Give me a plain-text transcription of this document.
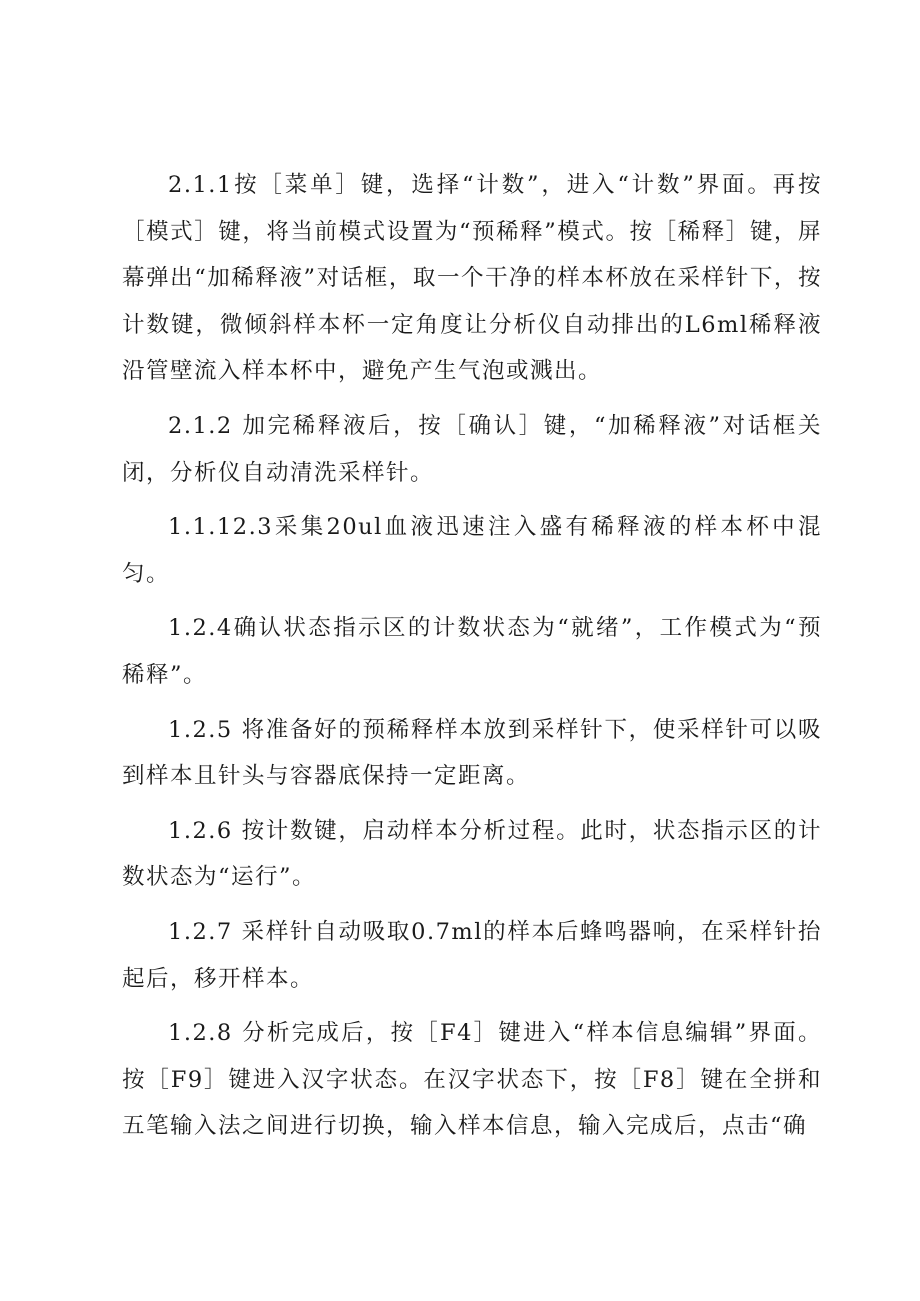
2.1.1按［菜单］键，选择“计数”，进入“计数”界面。再按［模式］键，将当前模式设置为“预稀释”模式。按［稀释］键，屏幕弹出“加稀释液”对话框，取一个干净的样本杯放在采样针下，按计数键，微倾斜样本杯一定角度让分析仪自动排出的L6ml稀释液沿管壁流入样本杯中，避免产生气泡或溅出。

2.1.2 加完稀释液后，按［确认］键，“加稀释液”对话框关闭，分析仪自动清洗采样针。

1.1.12.3采集20ul血液迅速注入盛有稀释液的样本杯中混匀。

1.2.4确认状态指示区的计数状态为“就绪”，工作模式为“预稀释”。

1.2.5 将准备好的预稀释样本放到采样针下，使采样针可以吸到样本且针头与容器底保持一定距离。

1.2.6 按计数键，启动样本分析过程。此时，状态指示区的计数状态为“运行”。

1.2.7 采样针自动吸取0.7ml的样本后蜂鸣器响，在采样针抬起后，移开样本。

1.2.8 分析完成后，按［F4］键进入“样本信息编辑”界面。按［F9］键进入汉字状态。在汉字状态下，按［F8］键在全拼和五笔输入法之间进行切换，输入样本信息，输入完成后，点击“确
